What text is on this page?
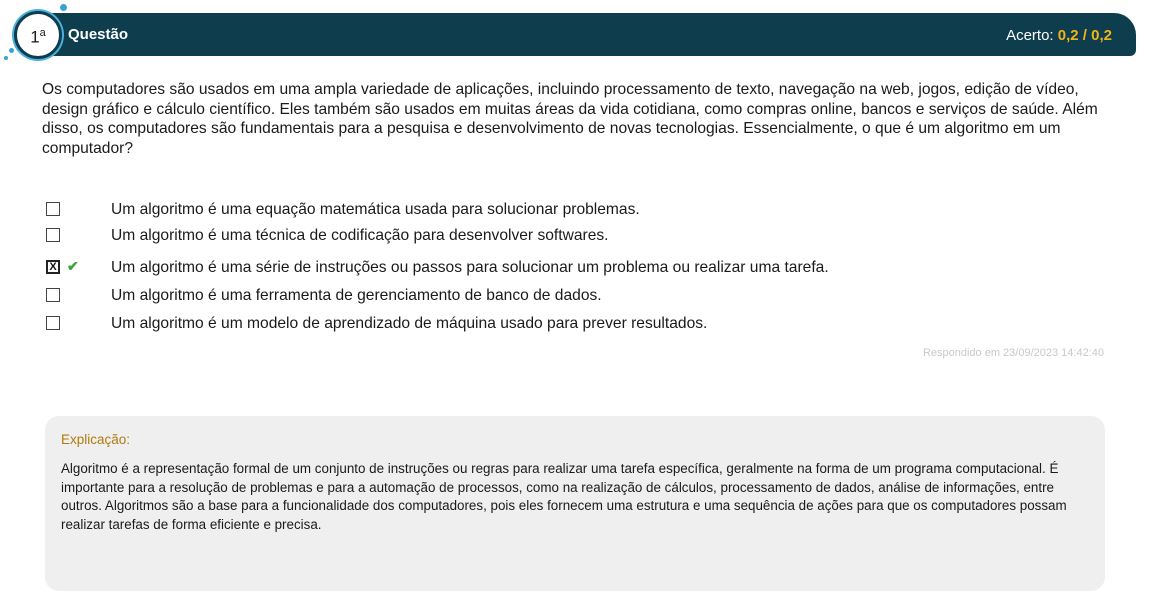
Questão	Acerto: 0,2 / 0,2
1$^a$

Os computadores são usados em uma ampla variedade de aplicações, incluindo processamento de texto, navegação na web, jogos, edição de vídeo, design gráfico e cálculo científico. Eles também são usados em muitas áreas da vida cotidiana, como compras online, bancos e serviços de saúde. Além disso, os computadores são fundamentais para a pesquisa e desenvolvimento de novas tecnologias. Essencialmente, o que é um algoritmo em um computador?

Um algoritmo é uma equação matemática usada para solucionar problemas.
Um algoritmo é uma técnica de codificação para desenvolver softwares.
X ✔ Um algoritmo é uma série de instruções ou passos para solucionar um problema ou realizar uma tarefa.
Um algoritmo é uma ferramenta de gerenciamento de banco de dados.
Um algoritmo é um modelo de aprendizado de máquina usado para prever resultados.
Respondido em 23/09/2023 14:42:40
Explicação:

Algoritmo é a representação formal de um conjunto de instruções ou regras para realizar uma tarefa específica, geralmente na forma de um programa computacional. É importante para a resolução de problemas e para a automação de processos, como na realização de cálculos, processamento de dados, análise de informações, entre outros. Algoritmos são a base para a funcionalidade dos computadores, pois eles fornecem uma estrutura e uma sequência de ações para que os computadores possam realizar tarefas de forma eficiente e precisa.
